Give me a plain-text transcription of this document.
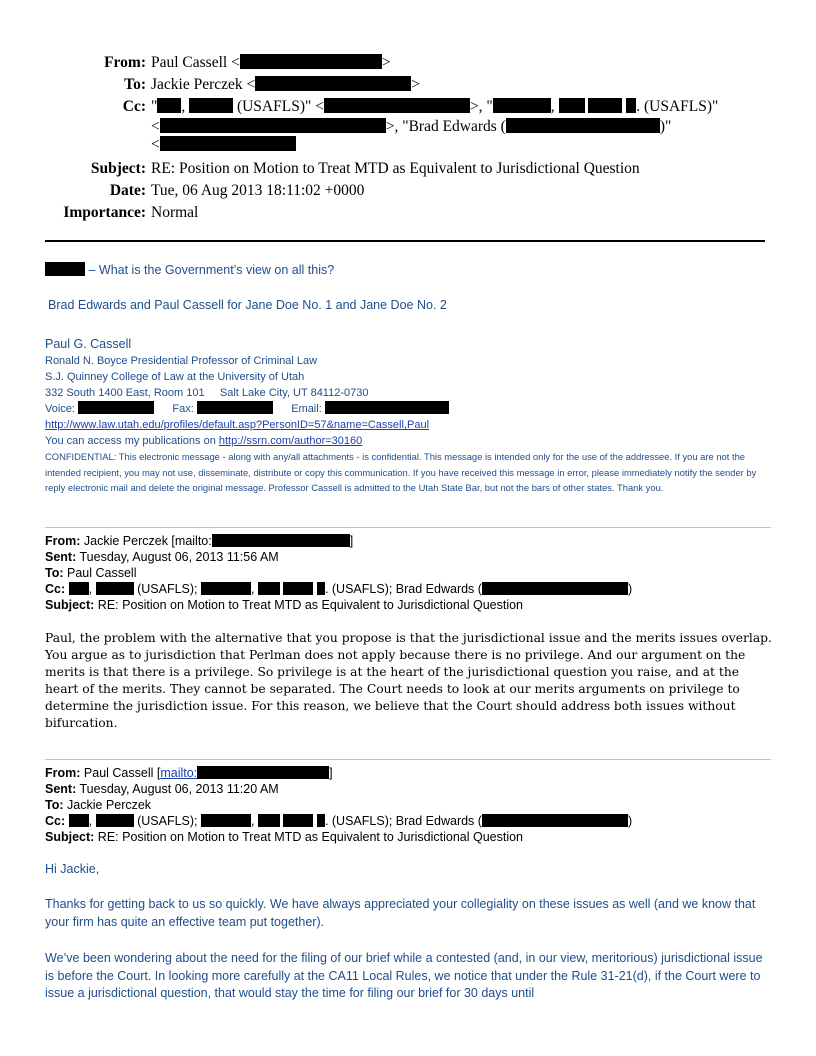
From: Paul Cassell <	>
To: Jackie Perczek <	>
Cc: " ,	(USAFLS)" <	>, "	,	. (USAFLS)"
<	>, "Brad Edwards (	)"
<
Subject: RE: Position on Motion to Treat MTD as Equivalent to Jurisdictional Question
Date: Tue, 06 Aug 2013 18:11:02 +0000
Importance: Normal
– What is the Government’s view on all this?
Brad Edwards and Paul Cassell for Jane Doe No. 1 and Jane Doe No. 2
Paul G. Cassell
Ronald N. Boyce Presidential Professor of Criminal Law
S.J. Quinney College of Law at the University of Utah
332 South 1400 East, Room 101     Salt Lake City, UT 84112-0730
Voice:	Fax:	Email:
http://www.law.utah.edu/profiles/default.asp?PersonID=57&name=Cassell,Paul
You can access my publications on http://ssrn.com/author=30160
CONFIDENTIAL: This electronic message - along with any/all attachments - is confidential. This message is intended only for the use of the addressee. If you are not the intended recipient, you may not use, disseminate, distribute or copy this communication. If you have received this message in error, please immediately notify the sender by reply electronic mail and delete the original message. Professor Cassell is admitted to the Utah State Bar, but not the bars of other states. Thank you.
From: Jackie Perczek [mailto:	]
Sent: Tuesday, August 06, 2013 11:56 AM
To: Paul Cassell
Cc: ,	(USAFLS);	,	. (USAFLS); Brad Edwards (	)
Subject: RE: Position on Motion to Treat MTD as Equivalent to Jurisdictional Question
Paul, the problem with the alternative that you propose is that the jurisdictional issue and the merits issues overlap. You argue as to jurisdiction that Perlman does not apply because there is no privilege. And our argument on the merits is that there is a privilege. So privilege is at the heart of the jurisdictional question you raise, and at the heart of the merits. They cannot be separated. The Court needs to look at our merits arguments on privilege to determine the jurisdiction issue. For this reason, we believe that the Court should address both issues without bifurcation.
From: Paul Cassell [mailto:	]
Sent: Tuesday, August 06, 2013 11:20 AM
To: Jackie Perczek
Cc: ,	(USAFLS);	,	. (USAFLS); Brad Edwards (	)
Subject: RE: Position on Motion to Treat MTD as Equivalent to Jurisdictional Question
Hi Jackie,
Thanks for getting back to us so quickly. We have always appreciated your collegiality on these issues as well (and we know that your firm has quite an effective team put together).
We’ve been wondering about the need for the filing of our brief while a contested (and, in our view, meritorious) jurisdictional issue is before the Court. In looking more carefully at the CA11 Local Rules, we notice that under the Rule 31-21(d), if the Court were to issue a jurisdictional question, that would stay the time for filing our brief for 30 days until
